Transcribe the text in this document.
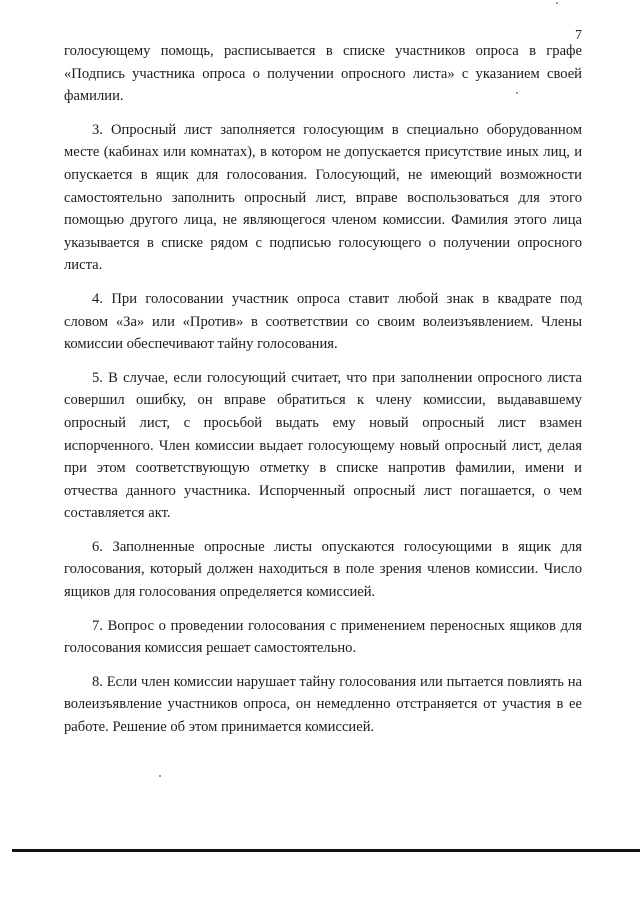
7

голосующему помощь, расписывается в списке участников опроса в графе «Подпись участника опроса о получении опросного листа» с указанием своей фамилии.

3. Опросный лист заполняется голосующим в специально оборудованном месте (кабинах или комнатах), в котором не допускается присутствие иных лиц, и опускается в ящик для голосования. Голосующий, не имеющий возможности самостоятельно заполнить опросный лист, вправе воспользоваться для этого помощью другого лица, не являющегося членом комиссии. Фамилия этого лица указывается в списке рядом с подписью голосующего о получении опросного листа.

4. При голосовании участник опроса ставит любой знак в квадрате под словом «За» или «Против» в соответствии со своим волеизъявлением. Члены комиссии обеспечивают тайну голосования.

5. В случае, если голосующий считает, что при заполнении опросного листа совершил ошибку, он вправе обратиться к члену комиссии, выдававшему опросный лист, с просьбой выдать ему новый опросный лист взамен испорченного. Член комиссии выдает голосующему новый опросный лист, делая при этом соответствующую отметку в списке напротив фамилии, имени и отчества данного участника. Испорченный опросный лист погашается, о чем составляется акт.

6. Заполненные опросные листы опускаются голосующими в ящик для голосования, который должен находиться в поле зрения членов комиссии. Число ящиков для голосования определяется комиссией.

7. Вопрос о проведении голосования с применением переносных ящиков для голосования комиссия решает самостоятельно.

8. Если член комиссии нарушает тайну голосования или пытается повлиять на волеизъявление участников опроса, он немедленно отстраняется от участия в ее работе. Решение об этом принимается комиссией.
